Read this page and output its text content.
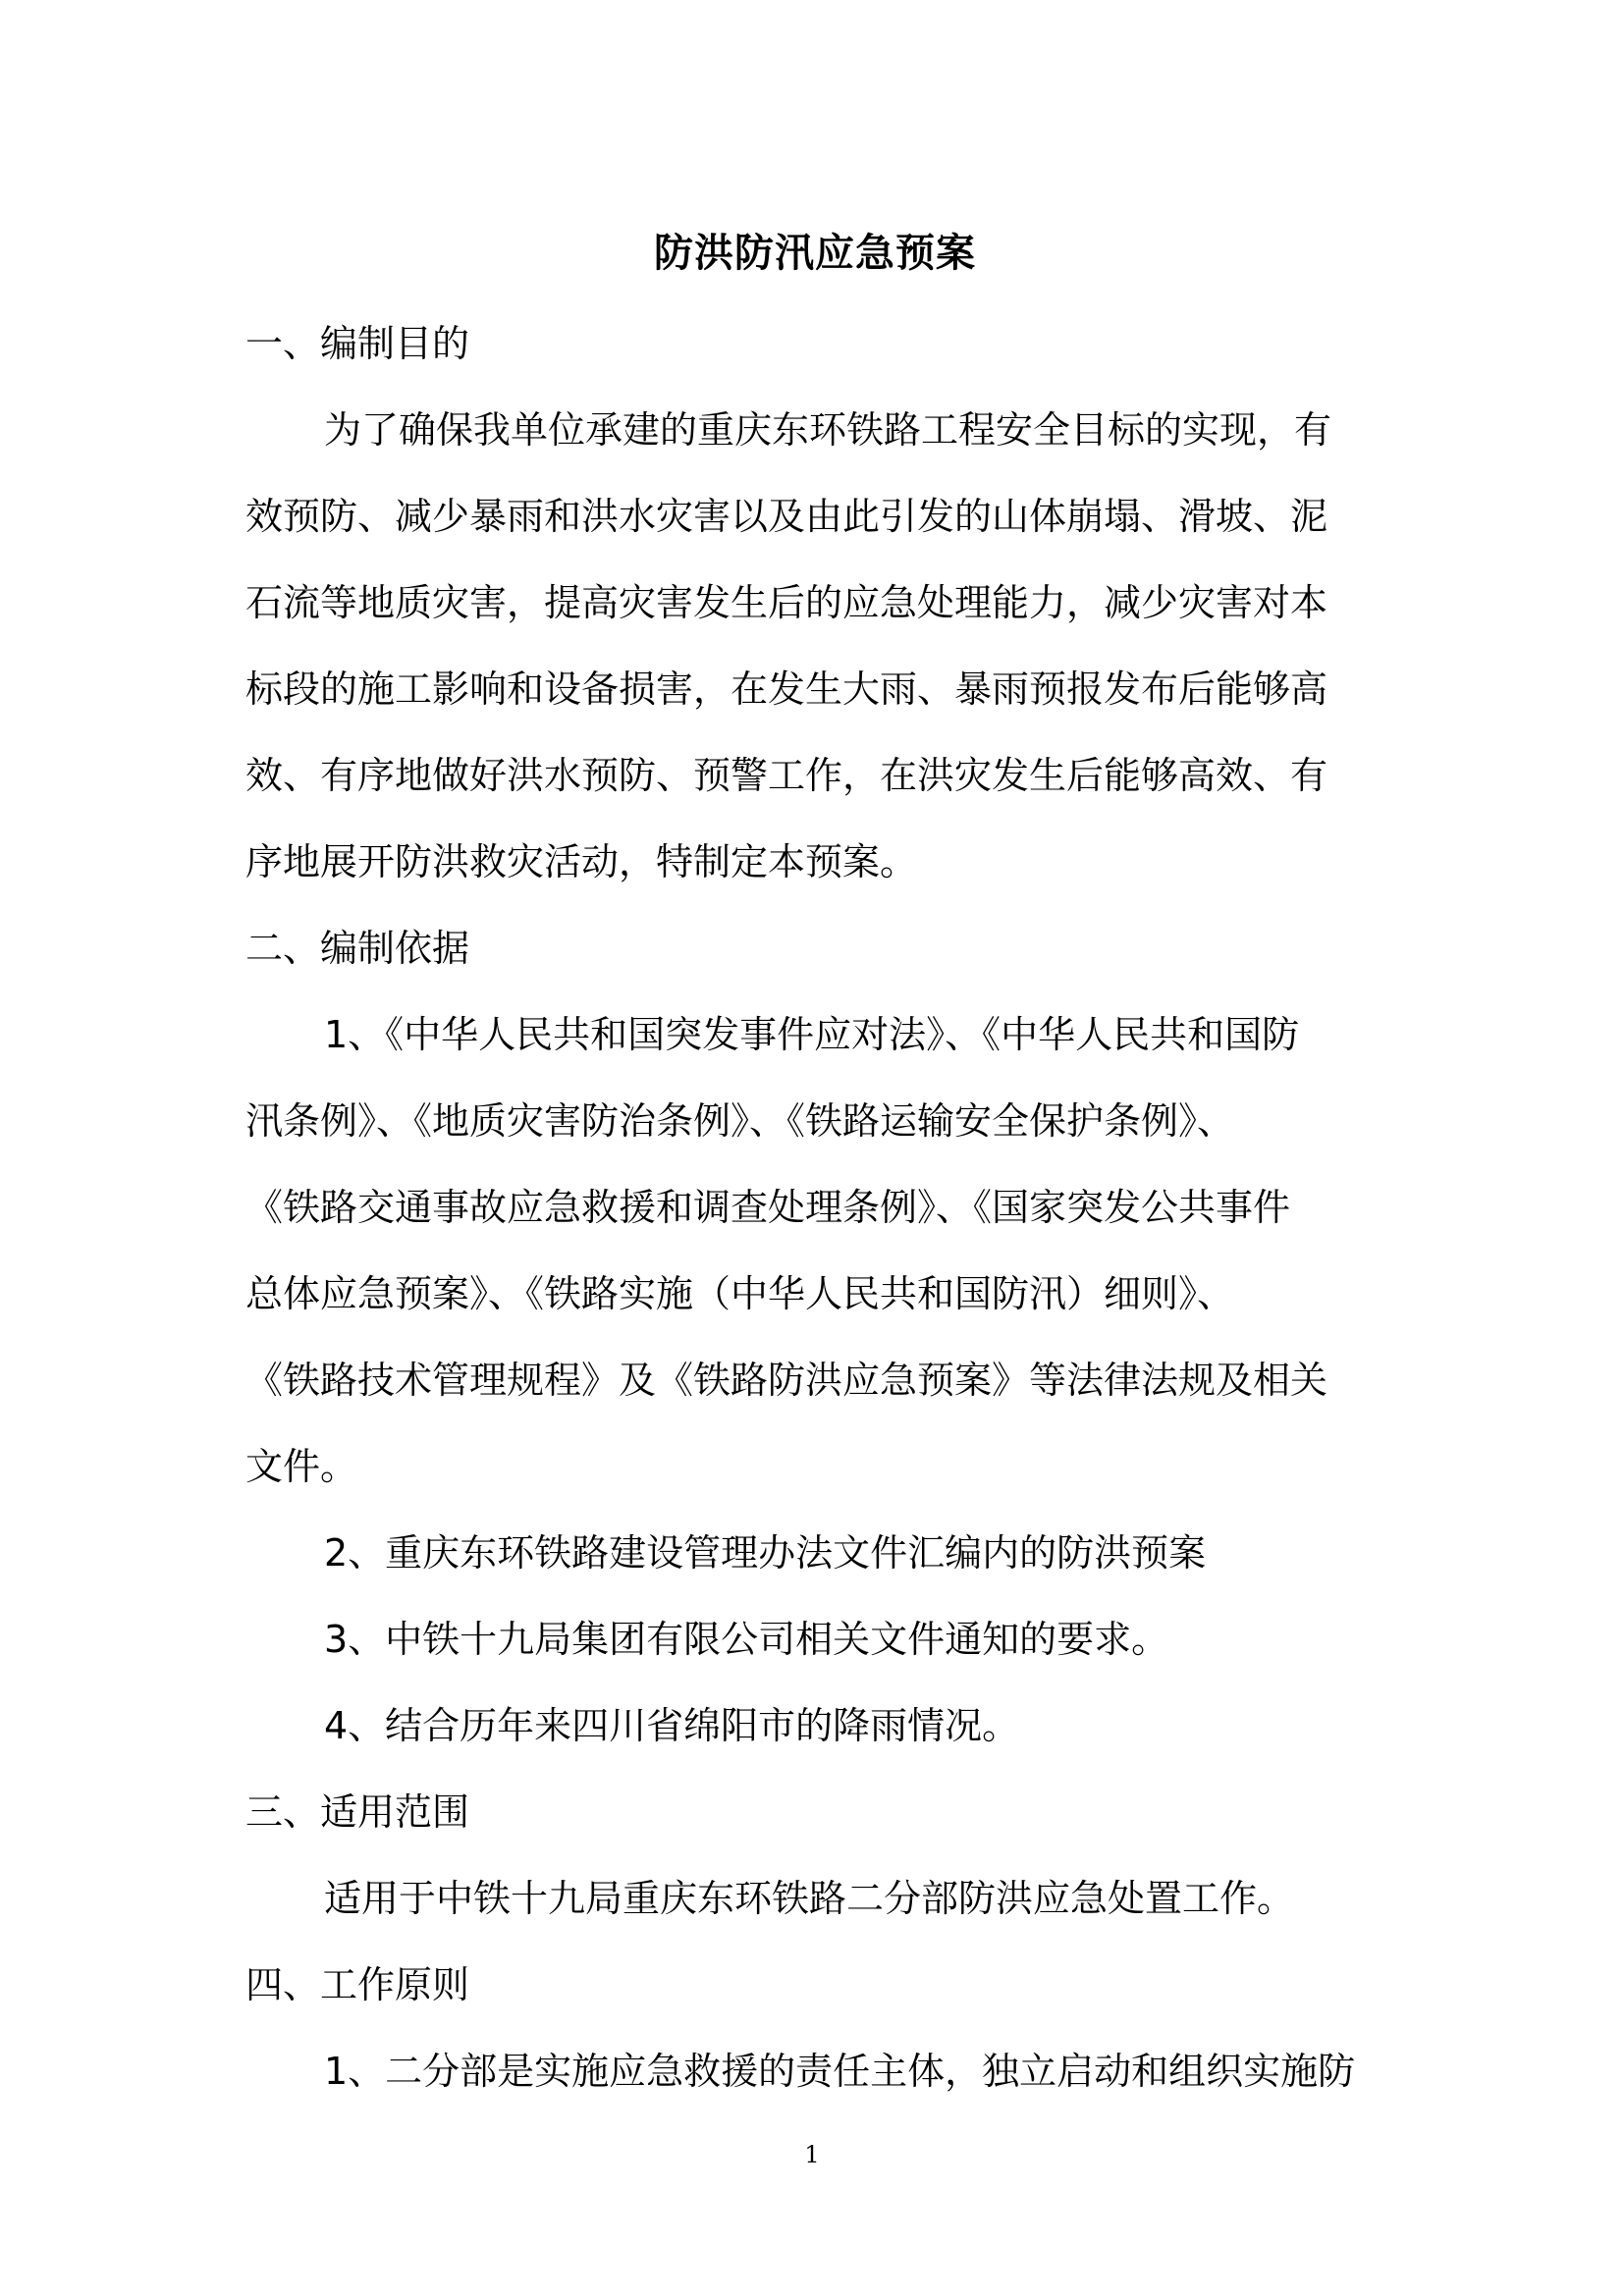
防洪防汛应急预案
一、编制目的
为了确保我单位承建的重庆东环铁路工程安全目标的实现，有
效预防、减少暴雨和洪水灾害以及由此引发的山体崩塌、滑坡、泥
石流等地质灾害，提高灾害发生后的应急处理能力，减少灾害对本
标段的施工影响和设备损害，在发生大雨、暴雨预报发布后能够高
效、有序地做好洪水预防、预警工作，在洪灾发生后能够高效、有
序地展开防洪救灾活动，特制定本预案。
二、编制依据
1、《中华人民共和国突发事件应对法》、《中华人民共和国防
汛条例》、《地质灾害防治条例》、《铁路运输安全保护条例》、
《铁路交通事故应急救援和调查处理条例》、《国家突发公共事件
总体应急预案》、《铁路实施（中华人民共和国防汛）细则》、
《铁路技术管理规程》及《铁路防洪应急预案》等法律法规及相关
文件。
2、重庆东环铁路建设管理办法文件汇编内的防洪预案
3、中铁十九局集团有限公司相关文件通知的要求。
4、结合历年来四川省绵阳市的降雨情况。
三、适用范围
适用于中铁十九局重庆东环铁路二分部防洪应急处置工作。
四、工作原则
1、二分部是实施应急救援的责任主体，独立启动和组织实施防
1
